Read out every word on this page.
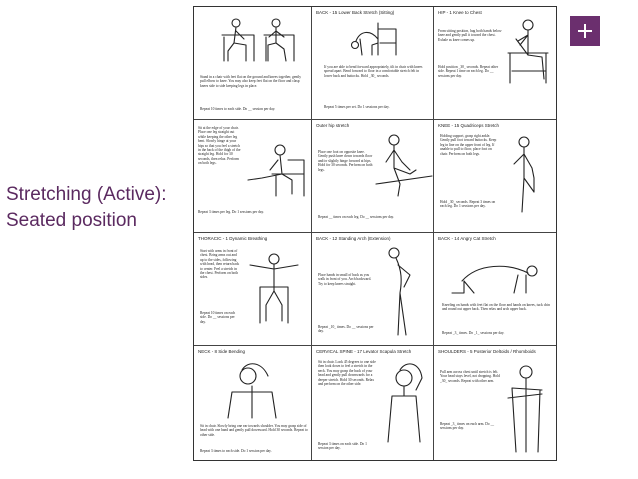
Stretching (Active):
Seated position
Stand in a chair with feet flat on the ground and knees together, gently pull elbow to knee. You may also keep feet flat on the floor and clasp knees side to side keeping legs in place.
Repeat 10 times to each side. Do __ session per day.
BACK - 15 Lower Back Stretch (Sitting)
If you are able to bend forward appropriately, tilt in chair with knees spread apart. Bend forward to floor in a comfortable stretch felt in lower back and buttocks. Hold _30_ seconds.
Repeat 5 times per set. Do 1 sessions per day.
HIP - 1 Knee to Chest
From sitting position, hug both hands below knee and gently pull it toward the chest. Exhale as knee comes up.
Hold position _30_ seconds. Repeat other side. Repeat 1 time on each leg. Do __ sessions per day.
Sit at the edge of your chair. Place one leg straight out while keeping the other leg bent. Slowly hinge at your hips so that you feel a stretch in the back of the thigh of the straight leg. Hold for 30 seconds, then relax. Perform on both legs.
Repeat 3 times per leg. Do 1 sessions per day.
Outer hip stretch
Place one foot on opposite knee. Gently push knee down towards floor and/or slightly hinge forward at hips. Hold for 30 seconds. Perform on both legs.
Repeat __ times on each leg. Do __ sessions per day.
KNEE - 15 Quadriceps Stretch
Holding support, grasp right ankle. Gently pull foot toward buttocks. Keep leg in line on the upper front of leg. If unable to pull to floor, place foot on chair. Perform on both legs.
Hold _30_ seconds. Repeat 3 times on each leg. Do 1 sessions per day.
THORACIC - 1 Dynamic Breathing
Start with arms in front of chest. Bring arms out and up to the sides, following with head, then return back to center. Feel a stretch in the chest. Perform on both sides.
Repeat 10 times on each side. Do __ sessions per day.
BACK - 12 Standing Arch (Extension)
Place hands in small of back as you walk in front of you. Arch backward. Try to keep knees straight.
Repeat _10_ times. Do __ sessions per day.
BACK - 14 Angry Cat Stretch
Kneeling on hands with feet flat on the floor and hands on knees, tuck chin and round out upper back. Then relax and arch upper back.
Repeat _3_ times. Do _1_ sessions per day.
NECK - 8 Side Bending
Sit in chair. Slowly bring one ear towards shoulder. You may grasp side of head with one hand and gently pull downward. Hold 30 seconds. Repeat to other side.
Repeat 3 times to each side. Do 1 session per day.
CERVICAL SPINE - 17 Levator Scapula Stretch
Sit in chair. Look 45 degrees to one side then look down to feel a stretch in the neck. You may grasp the back of your head and gently pull downwards for a deeper stretch. Hold 30 seconds. Relax and perform on the other side.
Repeat 3 times on each side. Do 1 session per day.
SHOULDERS - 5 Posterior Deltoids / Rhomboids
Pull arm across chest until stretch is felt. Your head stays level, not dropping. Hold _30_ seconds. Repeat with other arm.
Repeat _3_ times on each arm. Do __ sessions per day.
